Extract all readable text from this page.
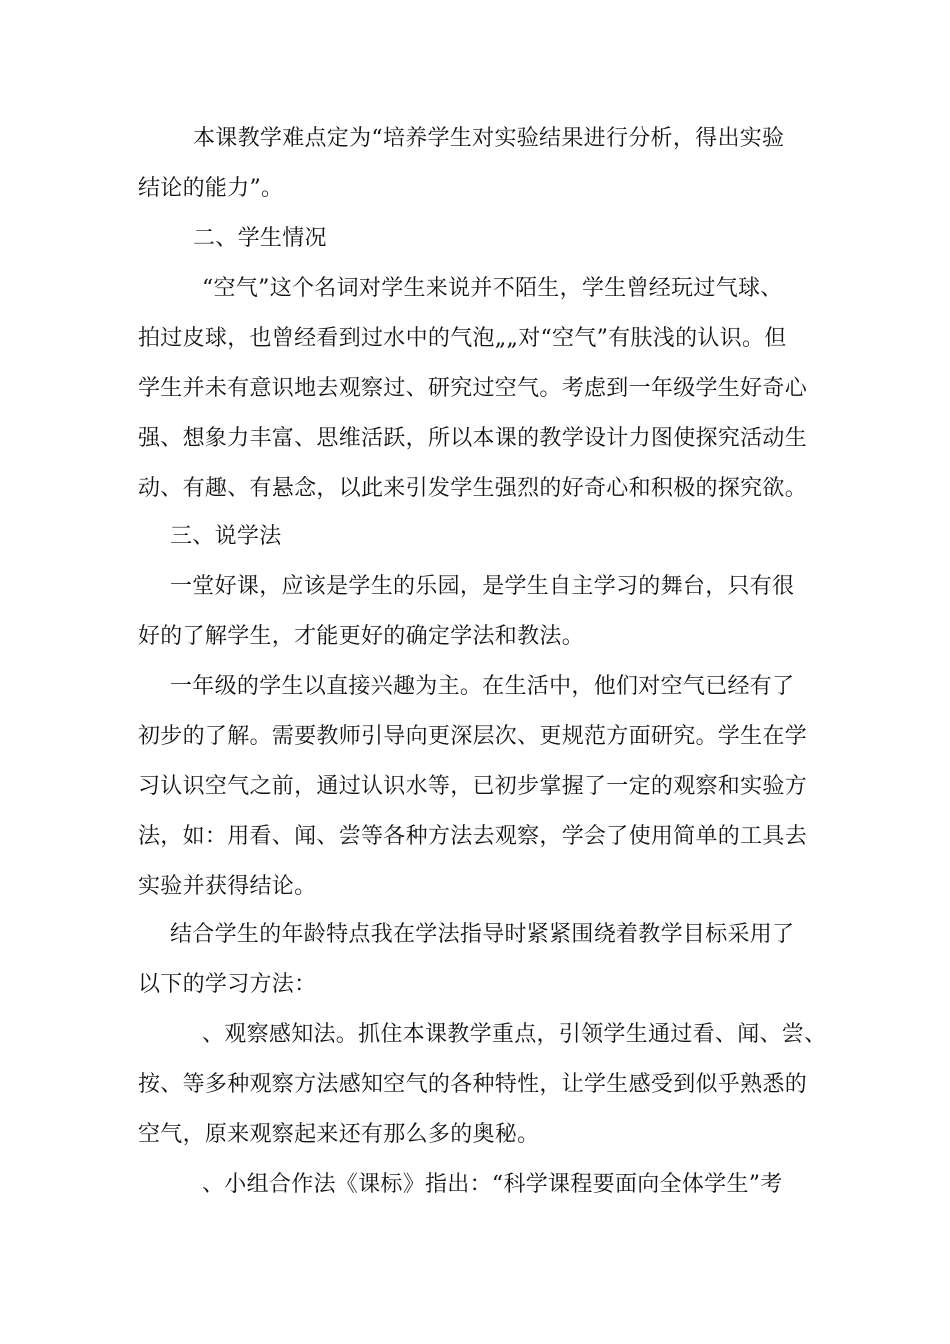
本课教学难点定为“培养学生对实验结果进行分析，得出实验
结论的能力”。
二、学生情况
“空气”这个名词对学生来说并不陌生，学生曾经玩过气球、
拍过皮球，也曾经看到过水中的气泡„„对“空气”有肤浅的认识。但
学生并未有意识地去观察过、研究过空气。考虑到一年级学生好奇心
强、想象力丰富、思维活跃，所以本课的教学设计力图使探究活动生
动、有趣、有悬念，以此来引发学生强烈的好奇心和积极的探究欲。
三、说学法
一堂好课，应该是学生的乐园，是学生自主学习的舞台，只有很
好的了解学生，才能更好的确定学法和教法。
一年级的学生以直接兴趣为主。在生活中，他们对空气已经有了
初步的了解。需要教师引导向更深层次、更规范方面研究。学生在学
习认识空气之前，通过认识水等，已初步掌握了一定的观察和实验方
法，如：用看、闻、尝等各种方法去观察，学会了使用简单的工具去
实验并获得结论。
结合学生的年龄特点我在学法指导时紧紧围绕着教学目标采用了
以下的学习方法：
、观察感知法。抓住本课教学重点，引领学生通过看、闻、尝、
按、等多种观察方法感知空气的各种特性，让学生感受到似乎熟悉的
空气，原来观察起来还有那么多的奥秘。
、小组合作法《课标》指出：“科学课程要面向全体学生”考
